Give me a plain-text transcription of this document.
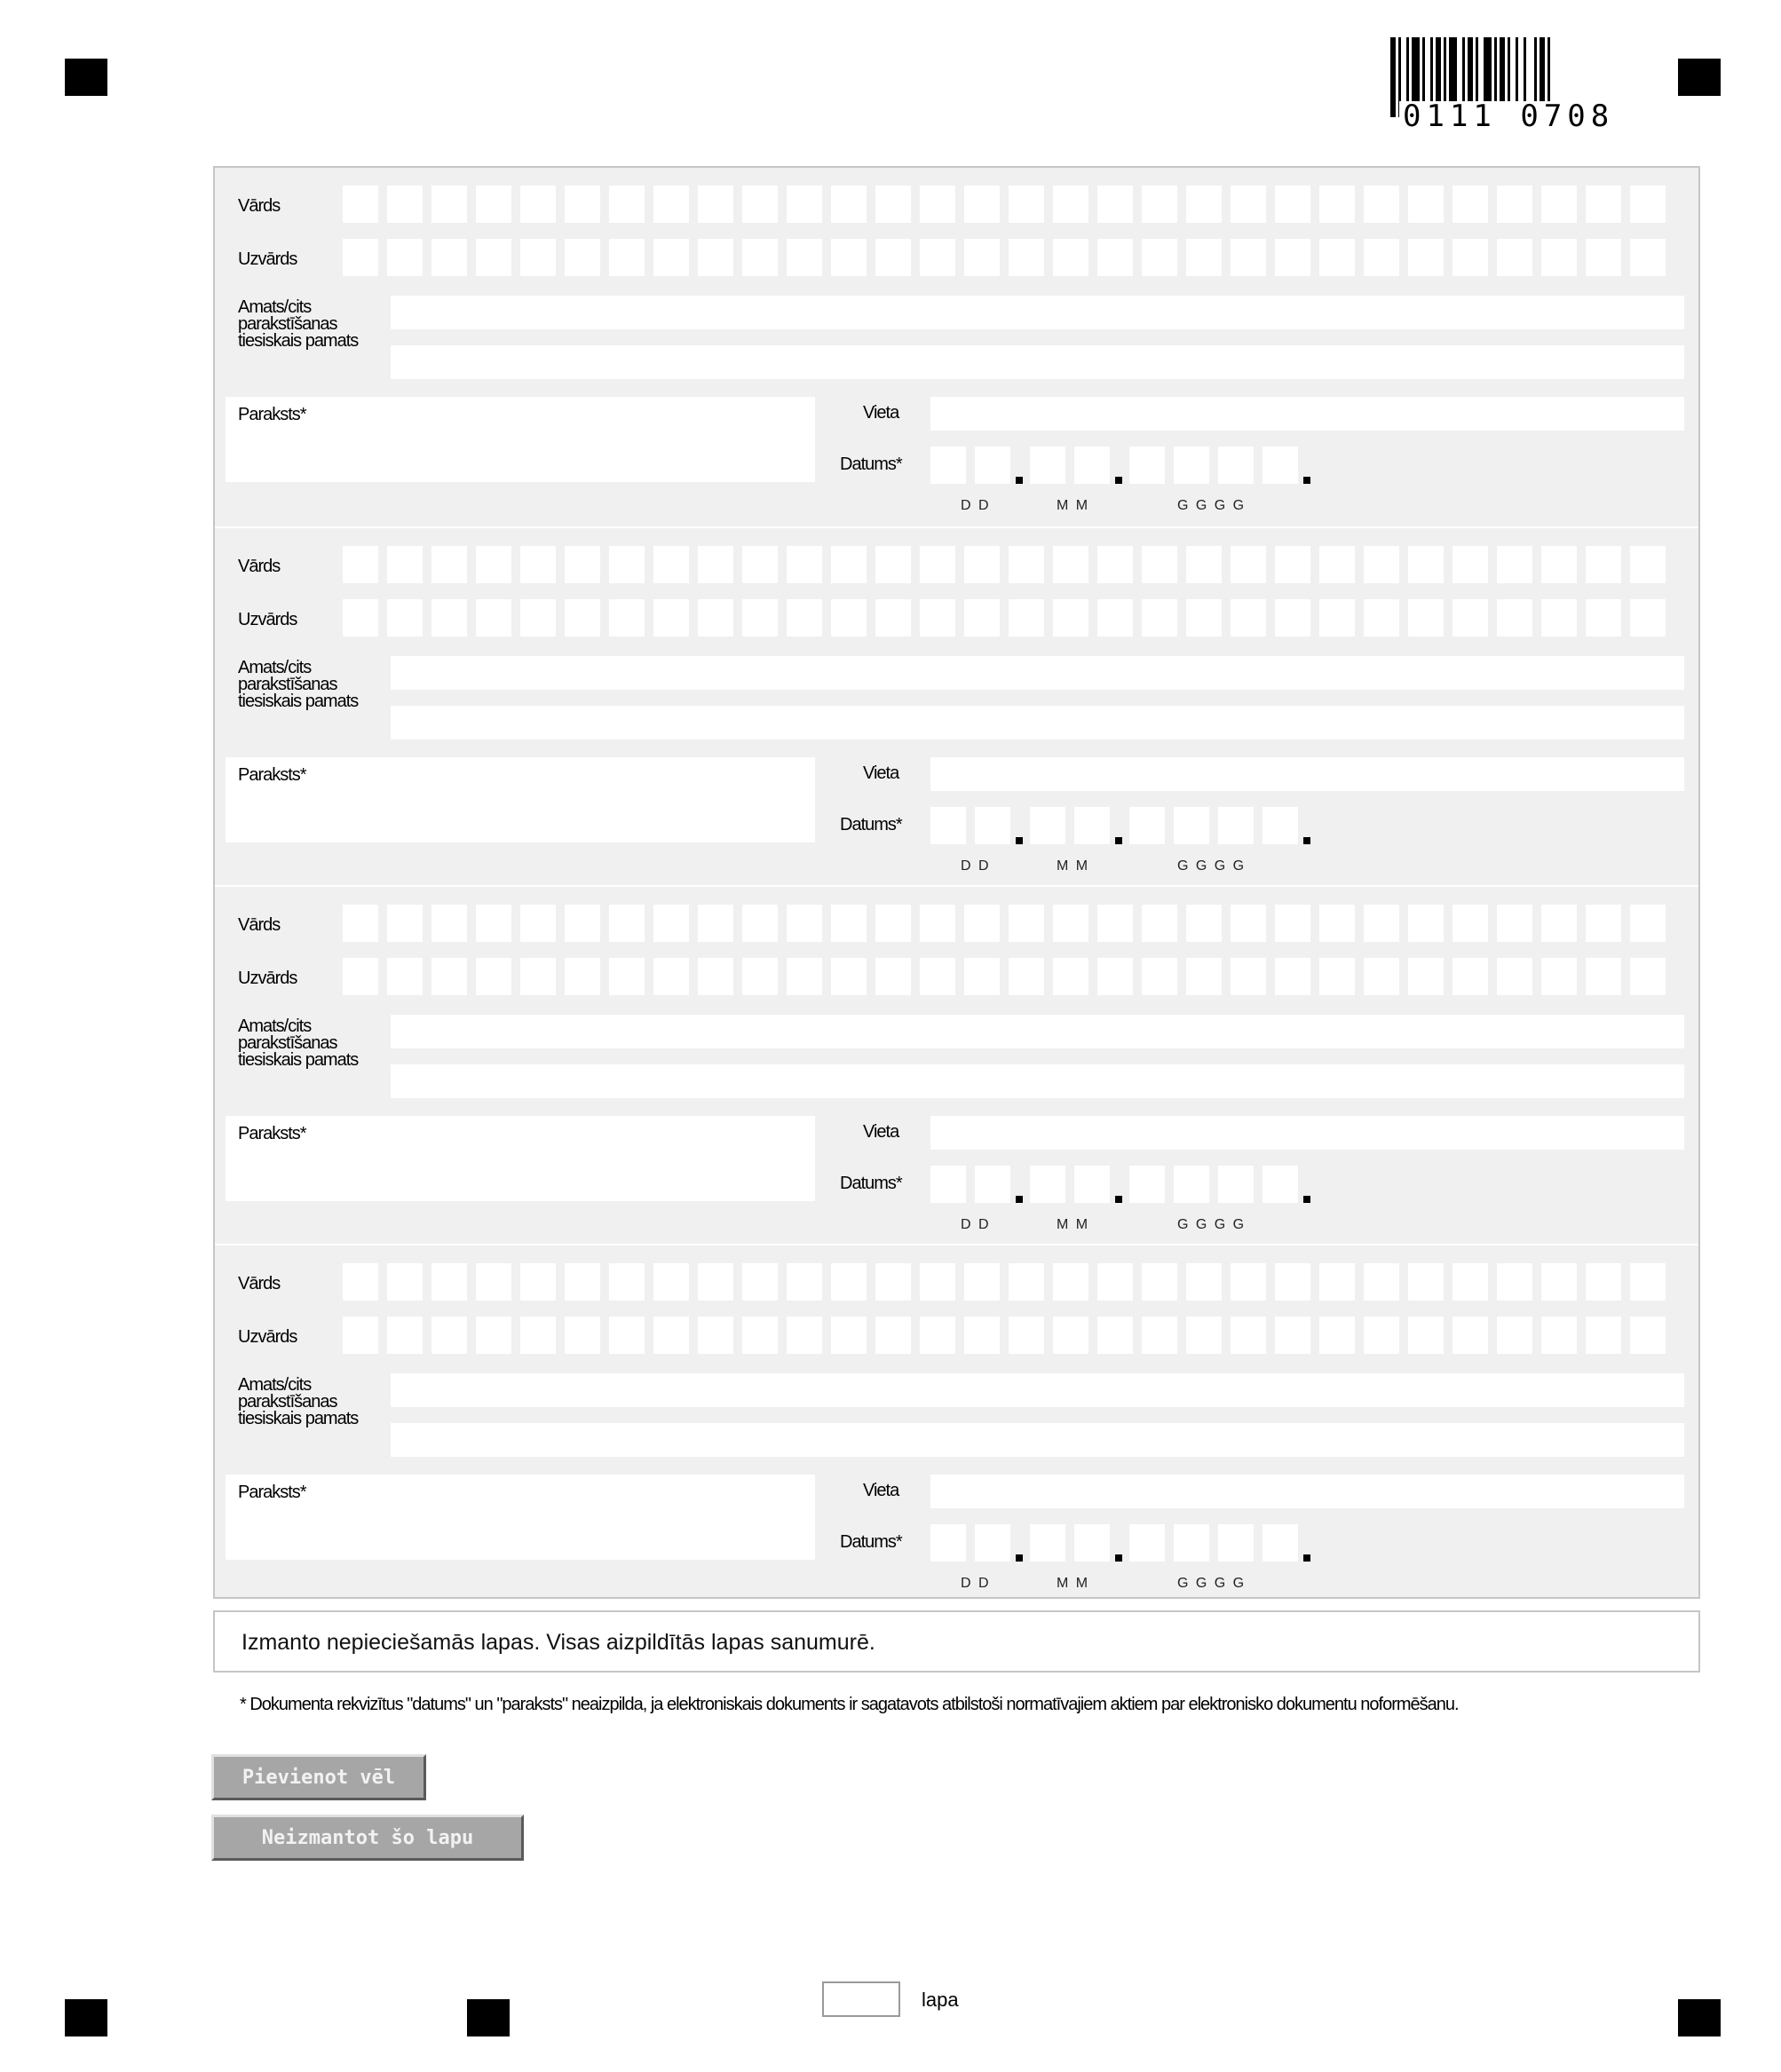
0111 0708
Vārds
Uzvārds
Amats/cits parakstīšanas tiesiskais pamats
Paraksts*	Vieta
Datums*
D D	M M	G G G G
Vārds
Uzvārds
Amats/cits parakstīšanas tiesiskais pamats
Paraksts*	Vieta
Datums*
D D	M M	G G G G
Vārds
Uzvārds
Amats/cits parakstīšanas tiesiskais pamats
Paraksts*	Vieta
Datums*
D D	M M	G G G G
Vārds
Uzvārds
Amats/cits parakstīšanas tiesiskais pamats
Paraksts*	Vieta
Datums*
D D	M M	G G G G
Izmanto nepieciešamās lapas. Visas aizpildītās lapas sanumurē.
* Dokumenta rekvizītus "datums" un "paraksts" neaizpilda, ja elektroniskais dokuments ir sagatavots atbilstoši normatīvajiem aktiem par elektronisko dokumentu noformēšanu.
Pievienot vēl
Neizmantot šo lapu
lapa
